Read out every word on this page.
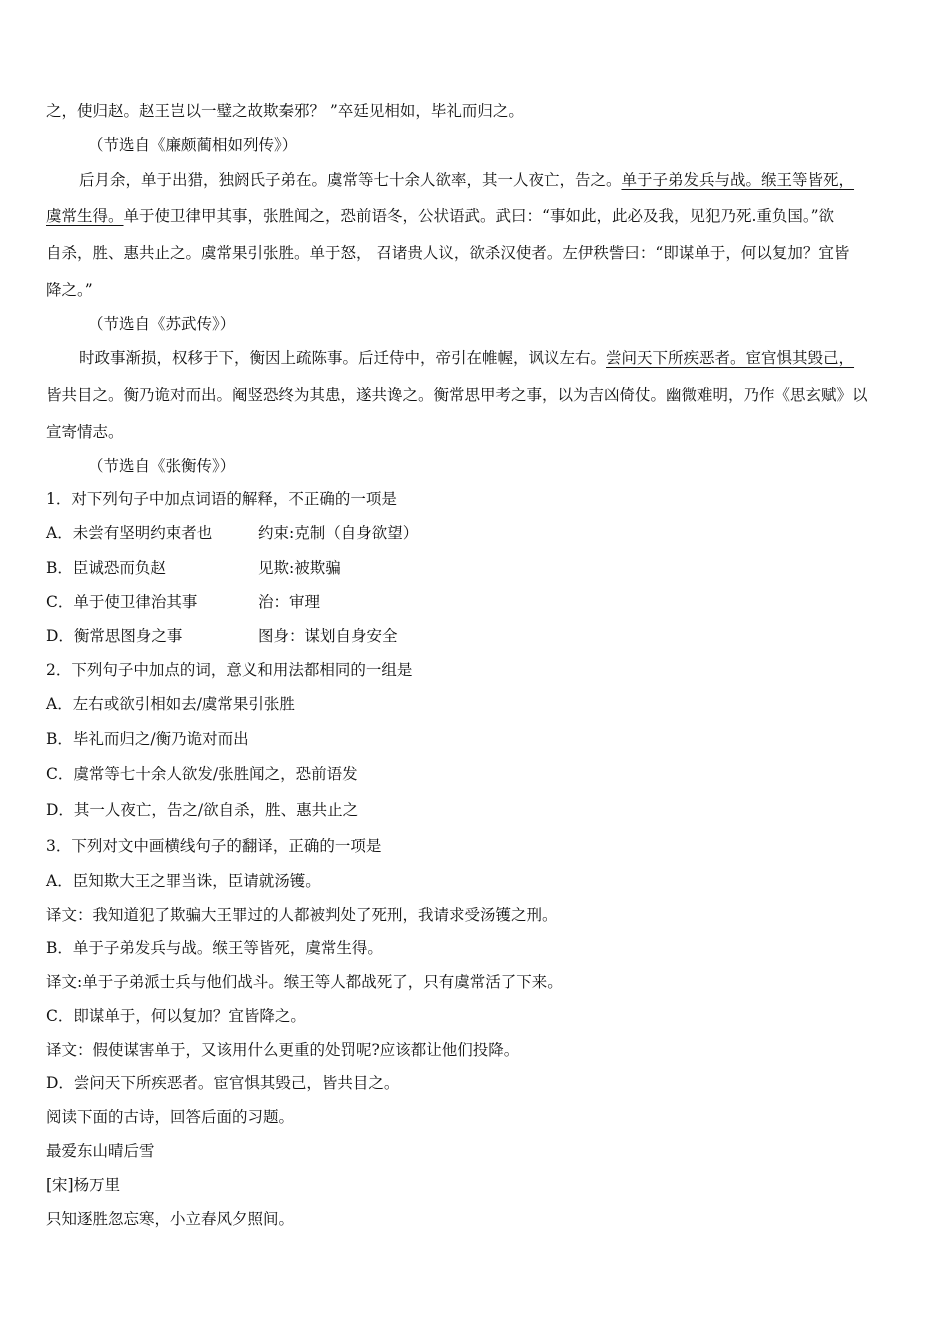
之，使归赵。赵王岂以一璧之故欺秦邪？ ”卒廷见相如，毕礼而归之。
（节选自《廉颇蔺相如列传》）
后月余，单于出猎，独阏氏子弟在。虞常等七十余人欲率，其一人夜亡，告之。单于子弟发兵与战。缑王等皆死，
虞常生得。单于使卫律甲其事，张胜闻之，恐前语冬，公状语武。武曰：“事如此，此必及我，见犯乃死.重负国。”欲
自杀，胜、惠共止之。虞常果引张胜。单于怒， 召诸贵人议，欲杀汉使者。左伊秩訾曰：“即谋单于，何以复加？宜皆
降之。”
（节选自《苏武传》）
时政事渐损，权移于下，衡因上疏陈事。后迁侍中，帝引在帷幄，讽议左右。尝问天下所疾恶者。宦官惧其毁己，
皆共目之。衡乃诡对而出。阉竖恐终为其患，遂共谗之。衡常思甲考之事，以为吉凶倚仗。幽微难明，乃作《思玄赋》以
宣寄情志。
（节选自《张衡传》）
1．对下列句子中加点词语的解释，不正确的一项是
A．未尝有坚明约束者也	约束:克制（自身欲望）
B．臣诚恐而负赵	见欺:被欺骗
C．单于使卫律治其事	治：审理
D．衡常思图身之事	图身：谋划自身安全
2．下列句子中加点的词，意义和用法都相同的一组是
A．左右或欲引相如去/虞常果引张胜
B．毕礼而归之/衡乃诡对而出
C．虞常等七十余人欲发/张胜闻之，恐前语发
D．其一人夜亡，告之/欲自杀，胜、惠共止之
3．下列对文中画横线句子的翻译，正确的一项是
A．臣知欺大王之罪当诛，臣请就汤镬。
译文：我知道犯了欺骗大王罪过的人都被判处了死刑，我请求受汤镬之刑。
B．单于子弟发兵与战。缑王等皆死，虞常生得。
译文:单于子弟派士兵与他们战斗。缑王等人都战死了，只有虞常活了下来。
C．即谋单于，何以复加？宜皆降之。
译文：假使谋害单于，又该用什么更重的处罚呢?应该都让他们投降。
D．尝问天下所疾恶者。宦官惧其毁己，皆共目之。
阅读下面的古诗，回答后面的习题。
最爱东山晴后雪
[宋]杨万里
只知逐胜忽忘寒，小立春风夕照间。
